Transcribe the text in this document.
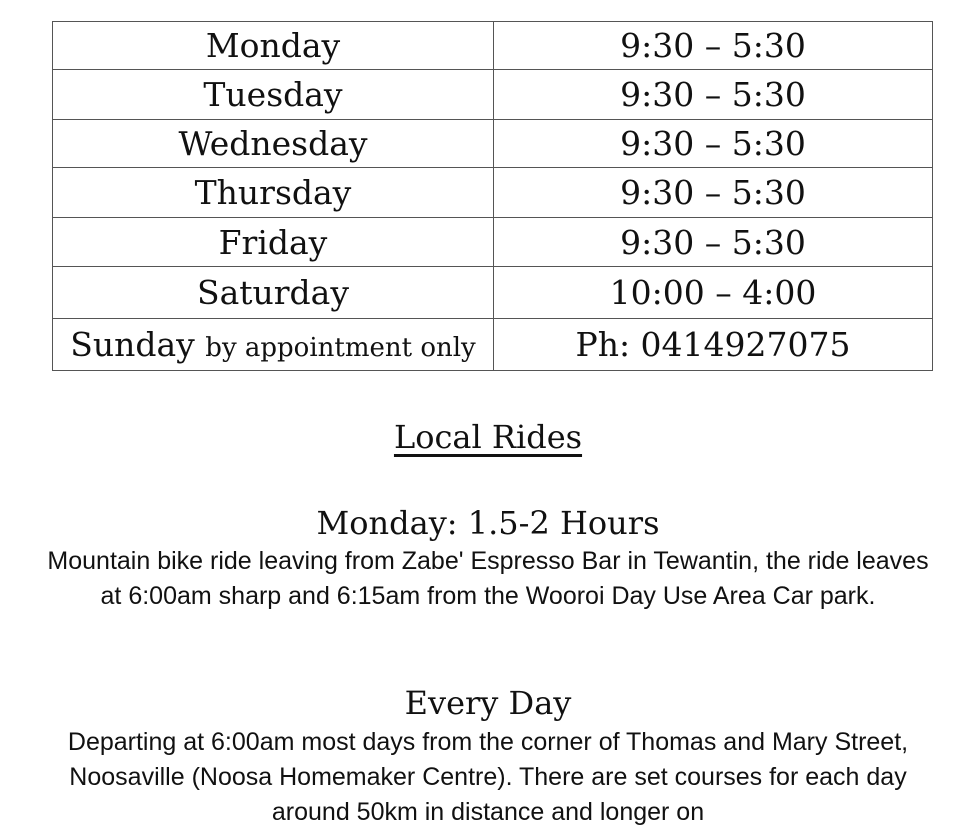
Monday	9:30 – 5:30
Tuesday	9:30 – 5:30
Wednesday	9:30 – 5:30
Thursday	9:30 – 5:30
Friday	9:30 – 5:30
Saturday	10:00 – 4:00
Sunday by appointment only	Ph: 0414927075
Local Rides
Monday: 1.5-2 Hours
Mountain bike ride leaving from Zabe' Espresso Bar in Tewantin, the ride leaves at 6:00am sharp and 6:15am from the Wooroi Day Use Area Car park.
Every Day
Departing at 6:00am most days from the corner of Thomas and Mary Street, Noosaville (Noosa Homemaker Centre). There are set courses for each day around 50km in distance and longer on
